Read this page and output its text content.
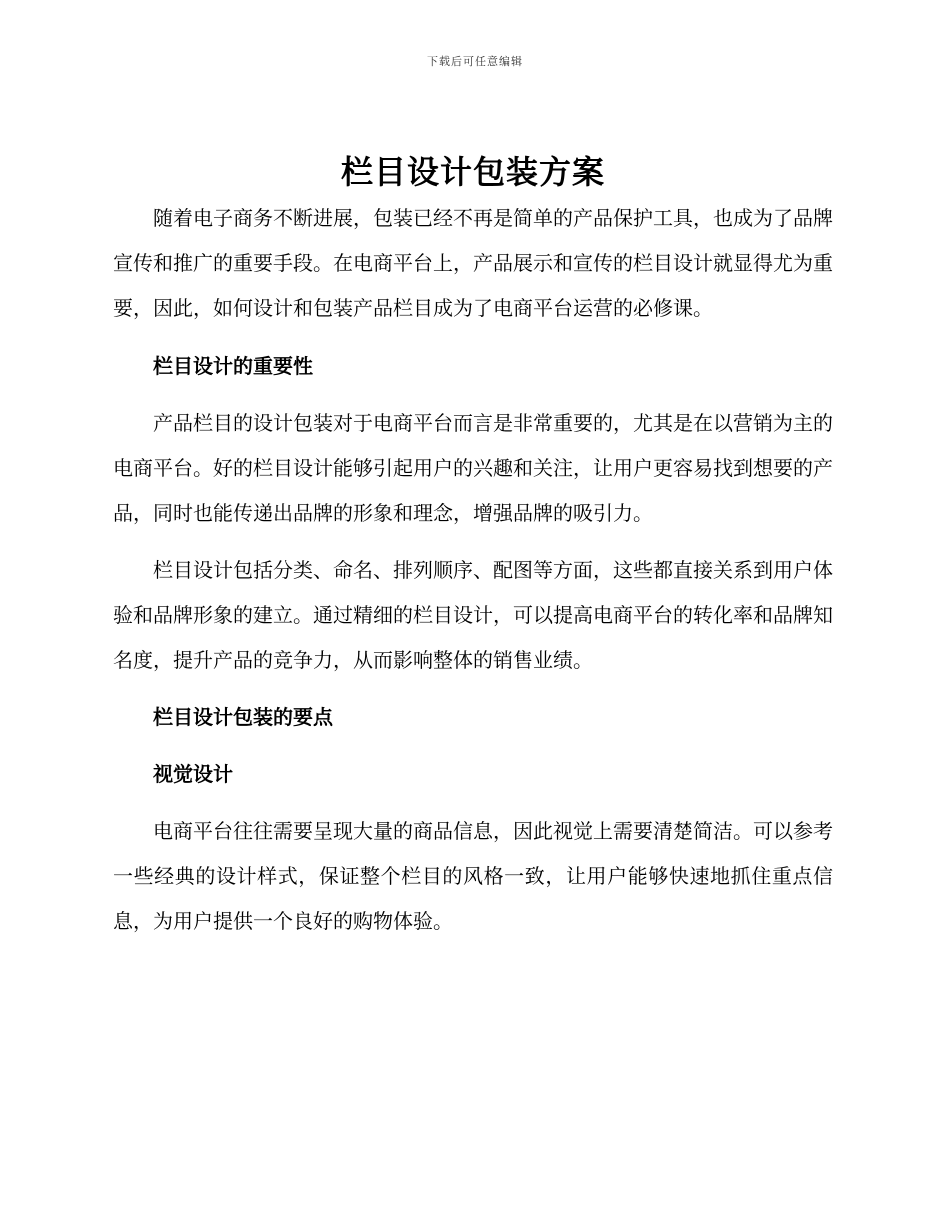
下载后可任意编辑
栏目设计包装方案

随着电子商务不断进展，包装已经不再是简单的产品保护工具，也成为了品牌宣传和推广的重要手段。在电商平台上，产品展示和宣传的栏目设计就显得尤为重要，因此，如何设计和包装产品栏目成为了电商平台运营的必修课。

栏目设计的重要性

产品栏目的设计包装对于电商平台而言是非常重要的，尤其是在以营销为主的电商平台。好的栏目设计能够引起用户的兴趣和关注，让用户更容易找到想要的产品，同时也能传递出品牌的形象和理念，增强品牌的吸引力。

栏目设计包括分类、命名、排列顺序、配图等方面，这些都直接关系到用户体验和品牌形象的建立。通过精细的栏目设计，可以提高电商平台的转化率和品牌知名度，提升产品的竞争力，从而影响整体的销售业绩。

栏目设计包装的要点
视觉设计

电商平台往往需要呈现大量的商品信息，因此视觉上需要清楚简洁。可以参考一些经典的设计样式，保证整个栏目的风格一致，让用户能够快速地抓住重点信息，为用户提供一个良好的购物体验。
